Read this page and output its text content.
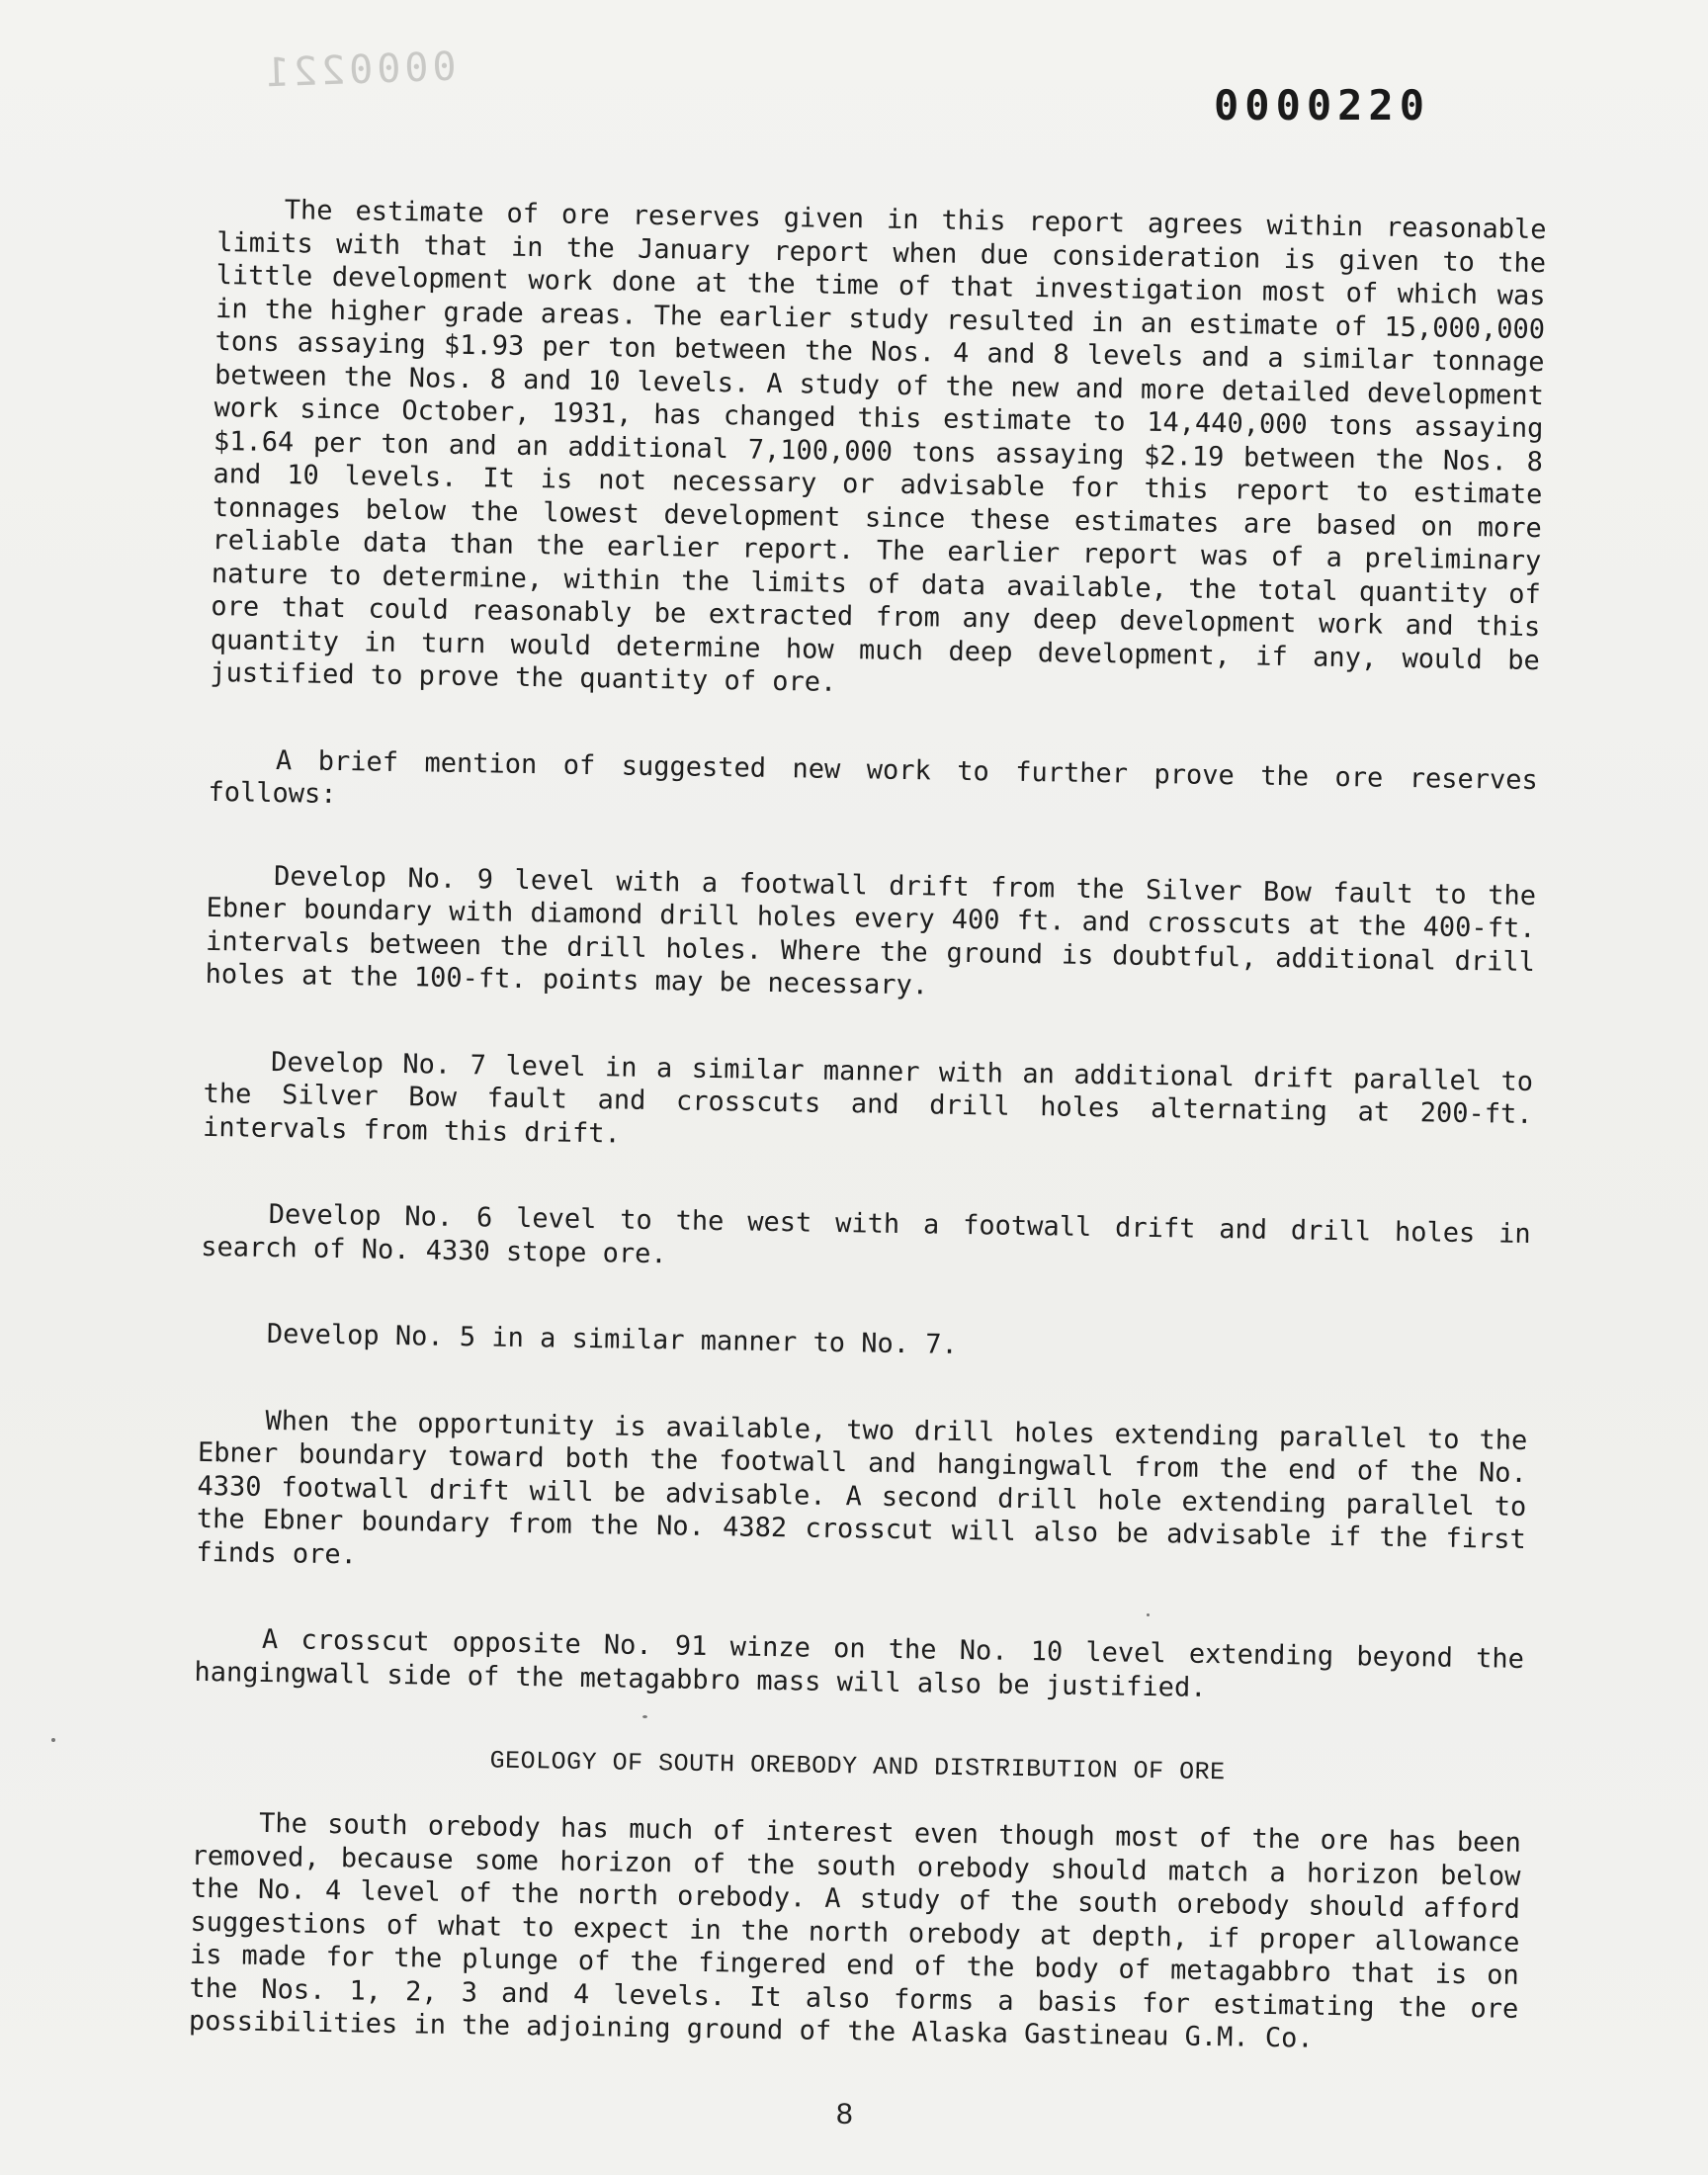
0000221
0000220

The estimate of ore reserves given in this report agrees within reasonable limits with that in the January report when due consideration is given to the little development work done at the time of that investigation most of which was in the higher grade areas. The earlier study resulted in an estimate of 15,000,000 tons assaying $1.93 per ton between the Nos. 4 and 8 levels and a similar tonnage between the Nos. 8 and 10 levels. A study of the new and more detailed development work since October, 1931, has changed this estimate to 14,440,000 tons assaying $1.64 per ton and an additional 7,100,000 tons assaying $2.19 between the Nos. 8 and 10 levels. It is not necessary or advisable for this report to estimate tonnages below the lowest development since these estimates are based on more reliable data than the earlier report. The earlier report was of a preliminary nature to determine, within the limits of data available, the total quantity of ore that could reasonably be extracted from any deep development work and this quantity in turn would determine how much deep development, if any, would be justified to prove the quantity of ore.

A brief mention of suggested new work to further prove the ore reserves follows:

Develop No. 9 level with a footwall drift from the Silver Bow fault to the Ebner boundary with diamond drill holes every 400 ft. and crosscuts at the 400-ft. intervals between the drill holes. Where the ground is doubtful, additional drill holes at the 100-ft. points may be necessary.

Develop No. 7 level in a similar manner with an additional drift parallel to the Silver Bow fault and crosscuts and drill holes alternating at 200-ft. intervals from this drift.

Develop No. 6 level to the west with a footwall drift and drill holes in search of No. 4330 stope ore.

Develop No. 5 in a similar manner to No. 7.

When the opportunity is available, two drill holes extending parallel to the Ebner boundary toward both the footwall and hangingwall from the end of the No. 4330 footwall drift will be advisable. A second drill hole extending parallel to the Ebner boundary from the No. 4382 crosscut will also be advisable if the first finds ore.

A crosscut opposite No. 91 winze on the No. 10 level extending beyond the hangingwall side of the metagabbro mass will also be justified.

GEOLOGY OF SOUTH OREBODY AND DISTRIBUTION OF ORE

The south orebody has much of interest even though most of the ore has been removed, because some horizon of the south orebody should match a horizon below the No. 4 level of the north orebody. A study of the south orebody should afford suggestions of what to expect in the north orebody at depth, if proper allowance is made for the plunge of the fingered end of the body of metagabbro that is on the Nos. 1, 2, 3 and 4 levels. It also forms a basis for estimating the ore possibilities in the adjoining ground of the Alaska Gastineau G.M. Co.

8
